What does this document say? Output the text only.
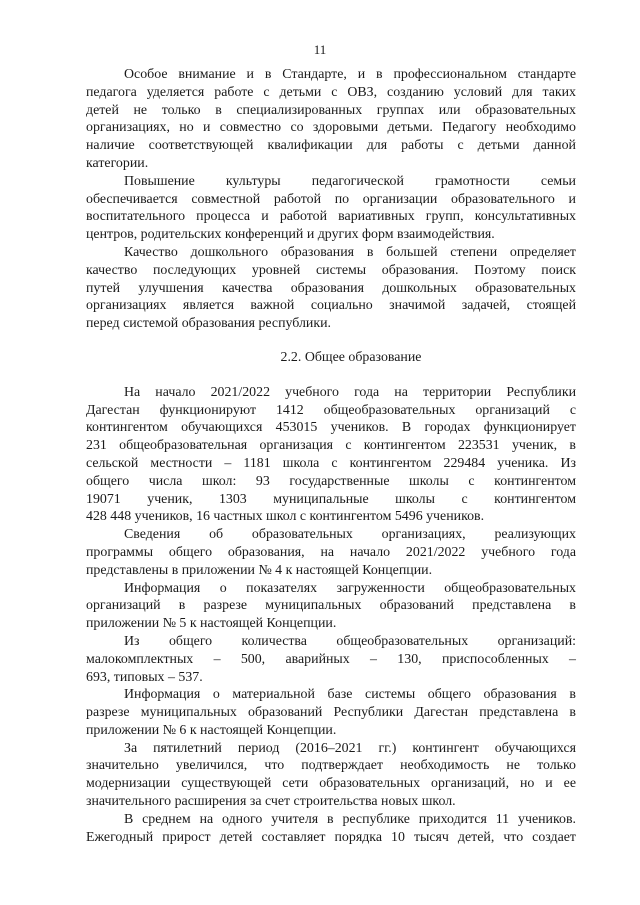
11
Особое внимание и в Стандарте, и в профессиональном стандарте
педагога уделяется работе с детьми с ОВЗ, созданию условий для таких
детей не только в специализированных группах или образовательных
организациях, но и совместно со здоровыми детьми. Педагогу необходимо
наличие соответствующей квалификации для работы с детьми данной
категории.
Повышение культуры педагогической грамотности семьи
обеспечивается совместной работой по организации образовательного и
воспитательного процесса и работой вариативных групп, консультативных
центров, родительских конференций и других форм взаимодействия.
Качество дошкольного образования в большей степени определяет
качество последующих уровней системы образования. Поэтому поиск
путей улучшения качества образования дошкольных образовательных
организациях является важной социально значимой задачей, стоящей
перед системой образования республики.
2.2. Общее образование
На начало 2021/2022 учебного года на территории Республики
Дагестан функционируют 1412 общеобразовательных организаций с
контингентом обучающихся 453015 учеников. В городах функционирует
231 общеобразовательная организация с контингентом 223531 ученик, в
сельской местности – 1181 школа с контингентом 229484 ученика. Из
общего числа школ: 93 государственные школы с контингентом
19071 ученик, 1303 муниципальные школы с контингентом
428 448 учеников, 16 частных школ с контингентом 5496 учеников.
Сведения об образовательных организациях, реализующих
программы общего образования, на начало 2021/2022 учебного года
представлены в приложении № 4 к настоящей Концепции.
Информация о показателях загруженности общеобразовательных
организаций в разрезе муниципальных образований представлена в
приложении № 5 к настоящей Концепции.
Из общего количества общеобразовательных организаций:
малокомплектных – 500, аварийных – 130, приспособленных –
693, типовых – 537.
Информация о материальной базе системы общего образования в
разрезе муниципальных образований Республики Дагестан представлена в
приложении № 6 к настоящей Концепции.
За пятилетний период (2016–2021 гг.) контингент обучающихся
значительно увеличился, что подтверждает необходимость не только
модернизации существующей сети образовательных организаций, но и ее
значительного расширения за счет строительства новых школ.
В среднем на одного учителя в республике приходится 11 учеников.
Ежегодный прирост детей составляет порядка 10 тысяч детей, что создает
